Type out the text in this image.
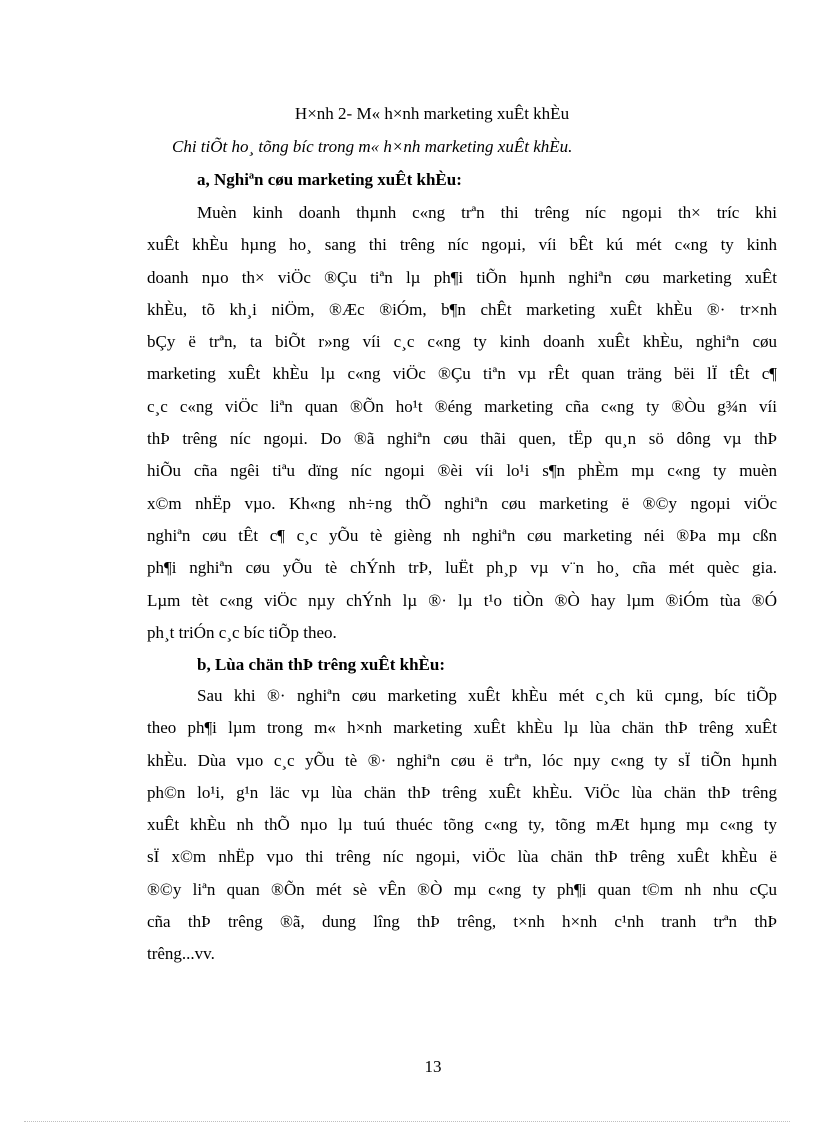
H×nh 2- M« h×nh marketing xuÊt khÈu
Chi tiÕt ho¸ tõng bíc trong m« h×nh marketing xuÊt khÈu.
a, Nghiªn cøu marketing xuÊt khÈu:
Muèn kinh doanh thµnh c«ng trªn thi trêng níc ngoµi th× tríc khi
xuÊt khÈu hµng ho¸ sang thi trêng níc ngoµi, víi bÊt kú mét c«ng ty kinh
doanh nµo th× viÖc ®Çu tiªn lµ ph¶i tiÕn hµnh nghiªn cøu marketing xuÊt
khÈu, tõ kh¸i niÖm, ®Æc ®iÓm, b¶n chÊt marketing xuÊt khÈu ®· tr×nh
bÇy ë trªn, ta biÕt r»ng víi c¸c c«ng ty kinh doanh xuÊt khÈu, nghiªn cøu
marketing xuÊt khÈu lµ c«ng viÖc ®Çu tiªn vµ rÊt quan träng bëi lÏ tÊt c¶
c¸c c«ng viÖc liªn quan ®Õn ho¹t ®éng marketing cña c«ng ty ®Òu g¾n víi
thÞ trêng níc ngoµi. Do ®ã nghiªn cøu thãi quen, tËp qu¸n sö dông vµ thÞ
hiÕu cña ngêi tiªu dïng níc ngoµi ®èi víi lo¹i s¶n phÈm mµ c«ng ty muèn
x©m nhËp vµo. Kh«ng nh÷ng thÕ nghiªn cøu marketing ë ®©y ngoµi viÖc
nghiªn cøu tÊt c¶ c¸c yÕu tè gièng nh nghiªn cøu marketing néi ®Þa mµ cßn
ph¶i nghiªn cøu yÕu tè chÝnh trÞ, luËt ph¸p vµ v¨n ho¸ cña mét quèc gia.
Lµm tèt c«ng viÖc nµy chÝnh lµ ®· lµ t¹o tiÒn ®Ò hay lµm ®iÓm tùa ®Ó
ph¸t triÓn c¸c bíc tiÕp theo.
b, Lùa chän thÞ trêng xuÊt khÈu:
Sau khi ®· nghiªn cøu marketing xuÊt khÈu mét c¸ch kü cµng, bíc tiÕp
theo ph¶i lµm trong m« h×nh marketing xuÊt khÈu lµ lùa chän thÞ trêng xuÊt
khÈu. Dùa vµo c¸c yÕu tè ®· nghiªn cøu ë trªn, lóc nµy c«ng ty sÏ tiÕn hµnh
ph©n lo¹i, g¹n läc vµ lùa chän thÞ trêng xuÊt khÈu. ViÖc lùa chän thÞ trêng
xuÊt khÈu nh thÕ nµo lµ tuú thuéc tõng c«ng ty, tõng mÆt hµng mµ c«ng ty
sÏ x©m nhËp vµo thi trêng níc ngoµi, viÖc lùa chän thÞ trêng xuÊt khÈu ë
®©y liªn quan ®Õn mét sè vÊn ®Ò mµ c«ng ty ph¶i quan t©m nh nhu cÇu
cña thÞ trêng ®ã, dung lîng thÞ trêng, t×nh h×nh c¹nh tranh trªn thÞ
trêng...vv.
13
